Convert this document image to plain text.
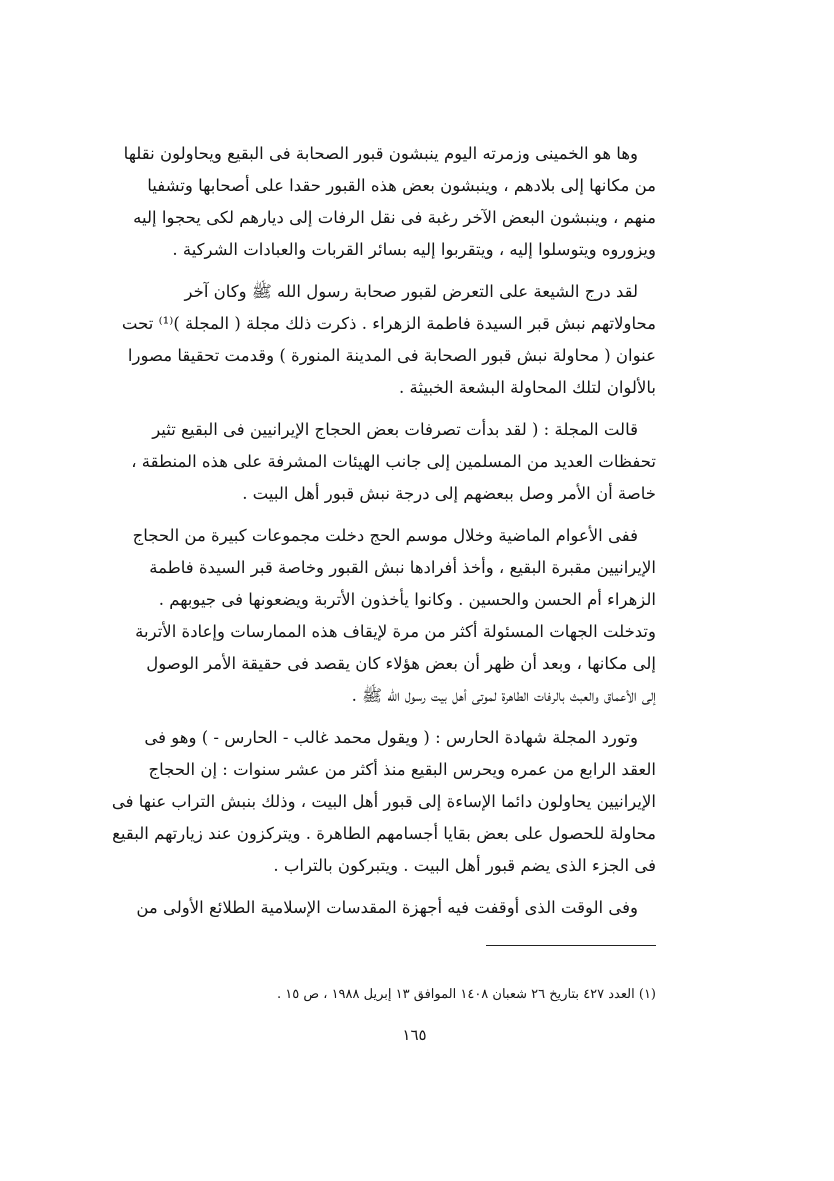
وها هو الخمينى وزمرته اليوم ينبشون قبور الصحابة فى البقيع ويحاولون نقلها
من مكانها إلى بلادهم ، وينبشون بعض هذه القبور حقدا على أصحابها وتشفيا
منهم ، وينبشون البعض الآخر رغبة فى نقل الرفات إلى ديارهم لكى يحجوا إليه
ويزوروه ويتوسلوا إليه ، ويتقربوا إليه بسائر القربات والعبادات الشركية .

لقد درج الشيعة على التعرض لقبور صحابة رسول الله ﷺ وكان آخر
محاولاتهم نبش قبر السيدة فاطمة الزهراء . ذكرت ذلك مجلة ( المجلة )⁽¹⁾ تحت
عنوان ( محاولة نبش قبور الصحابة فى المدينة المنورة ) وقدمت تحقيقا مصورا
بالألوان لتلك المحاولة البشعة الخبيثة .

قالت المجلة : ( لقد بدأت تصرفات بعض الحجاج الإيرانيين فى البقيع تثير
تحفظات العديد من المسلمين إلى جانب الهيئات المشرفة على هذه المنطقة ،
خاصة أن الأمر وصل ببعضهم إلى درجة نبش قبور أهل البيت .

ففى الأعوام الماضية وخلال موسم الحج دخلت مجموعات كبيرة من الحجاج
الإيرانيين مقبرة البقيع ، وأخذ أفرادها نبش القبور وخاصة قبر السيدة فاطمة
الزهراء أم الحسن والحسين . وكانوا يأخذون الأتربة ويضعونها فى جيوبهم .
وتدخلت الجهات المسئولة أكثر من مرة لإيقاف هذه الممارسات وإعادة الأتربة
إلى مكانها ، وبعد أن ظهر أن بعض هؤلاء كان يقصد فى حقيقة الأمر الوصول
إلى الأعماق والعبث بالرفات الطاهرة لموتى أهل بيت رسول الله ﷺ .

وتورد المجلة شهادة الحارس : ( ويقول محمد غالب - الحارس - ) وهو فى
العقد الرابع من عمره ويحرس البقيع منذ أكثر من عشر سنوات : إن الحجاج
الإيرانيين يحاولون دائما الإساءة إلى قبور أهل البيت ، وذلك بنبش التراب عنها فى
محاولة للحصول على بعض بقايا أجسامهم الطاهرة . ويتركزون عند زيارتهم البقيع
فى الجزء الذى يضم قبور أهل البيت . ويتبركون بالتراب .

وفى الوقت الذى أوقفت فيه أجهزة المقدسات الإسلامية الطلائع الأولى من

(١) العدد ٤٢٧ بتاريخ ٢٦ شعبان ١٤٠٨ الموافق ١٣ إبريل ١٩٨٨ ، ص ١٥ .
١٦٥
